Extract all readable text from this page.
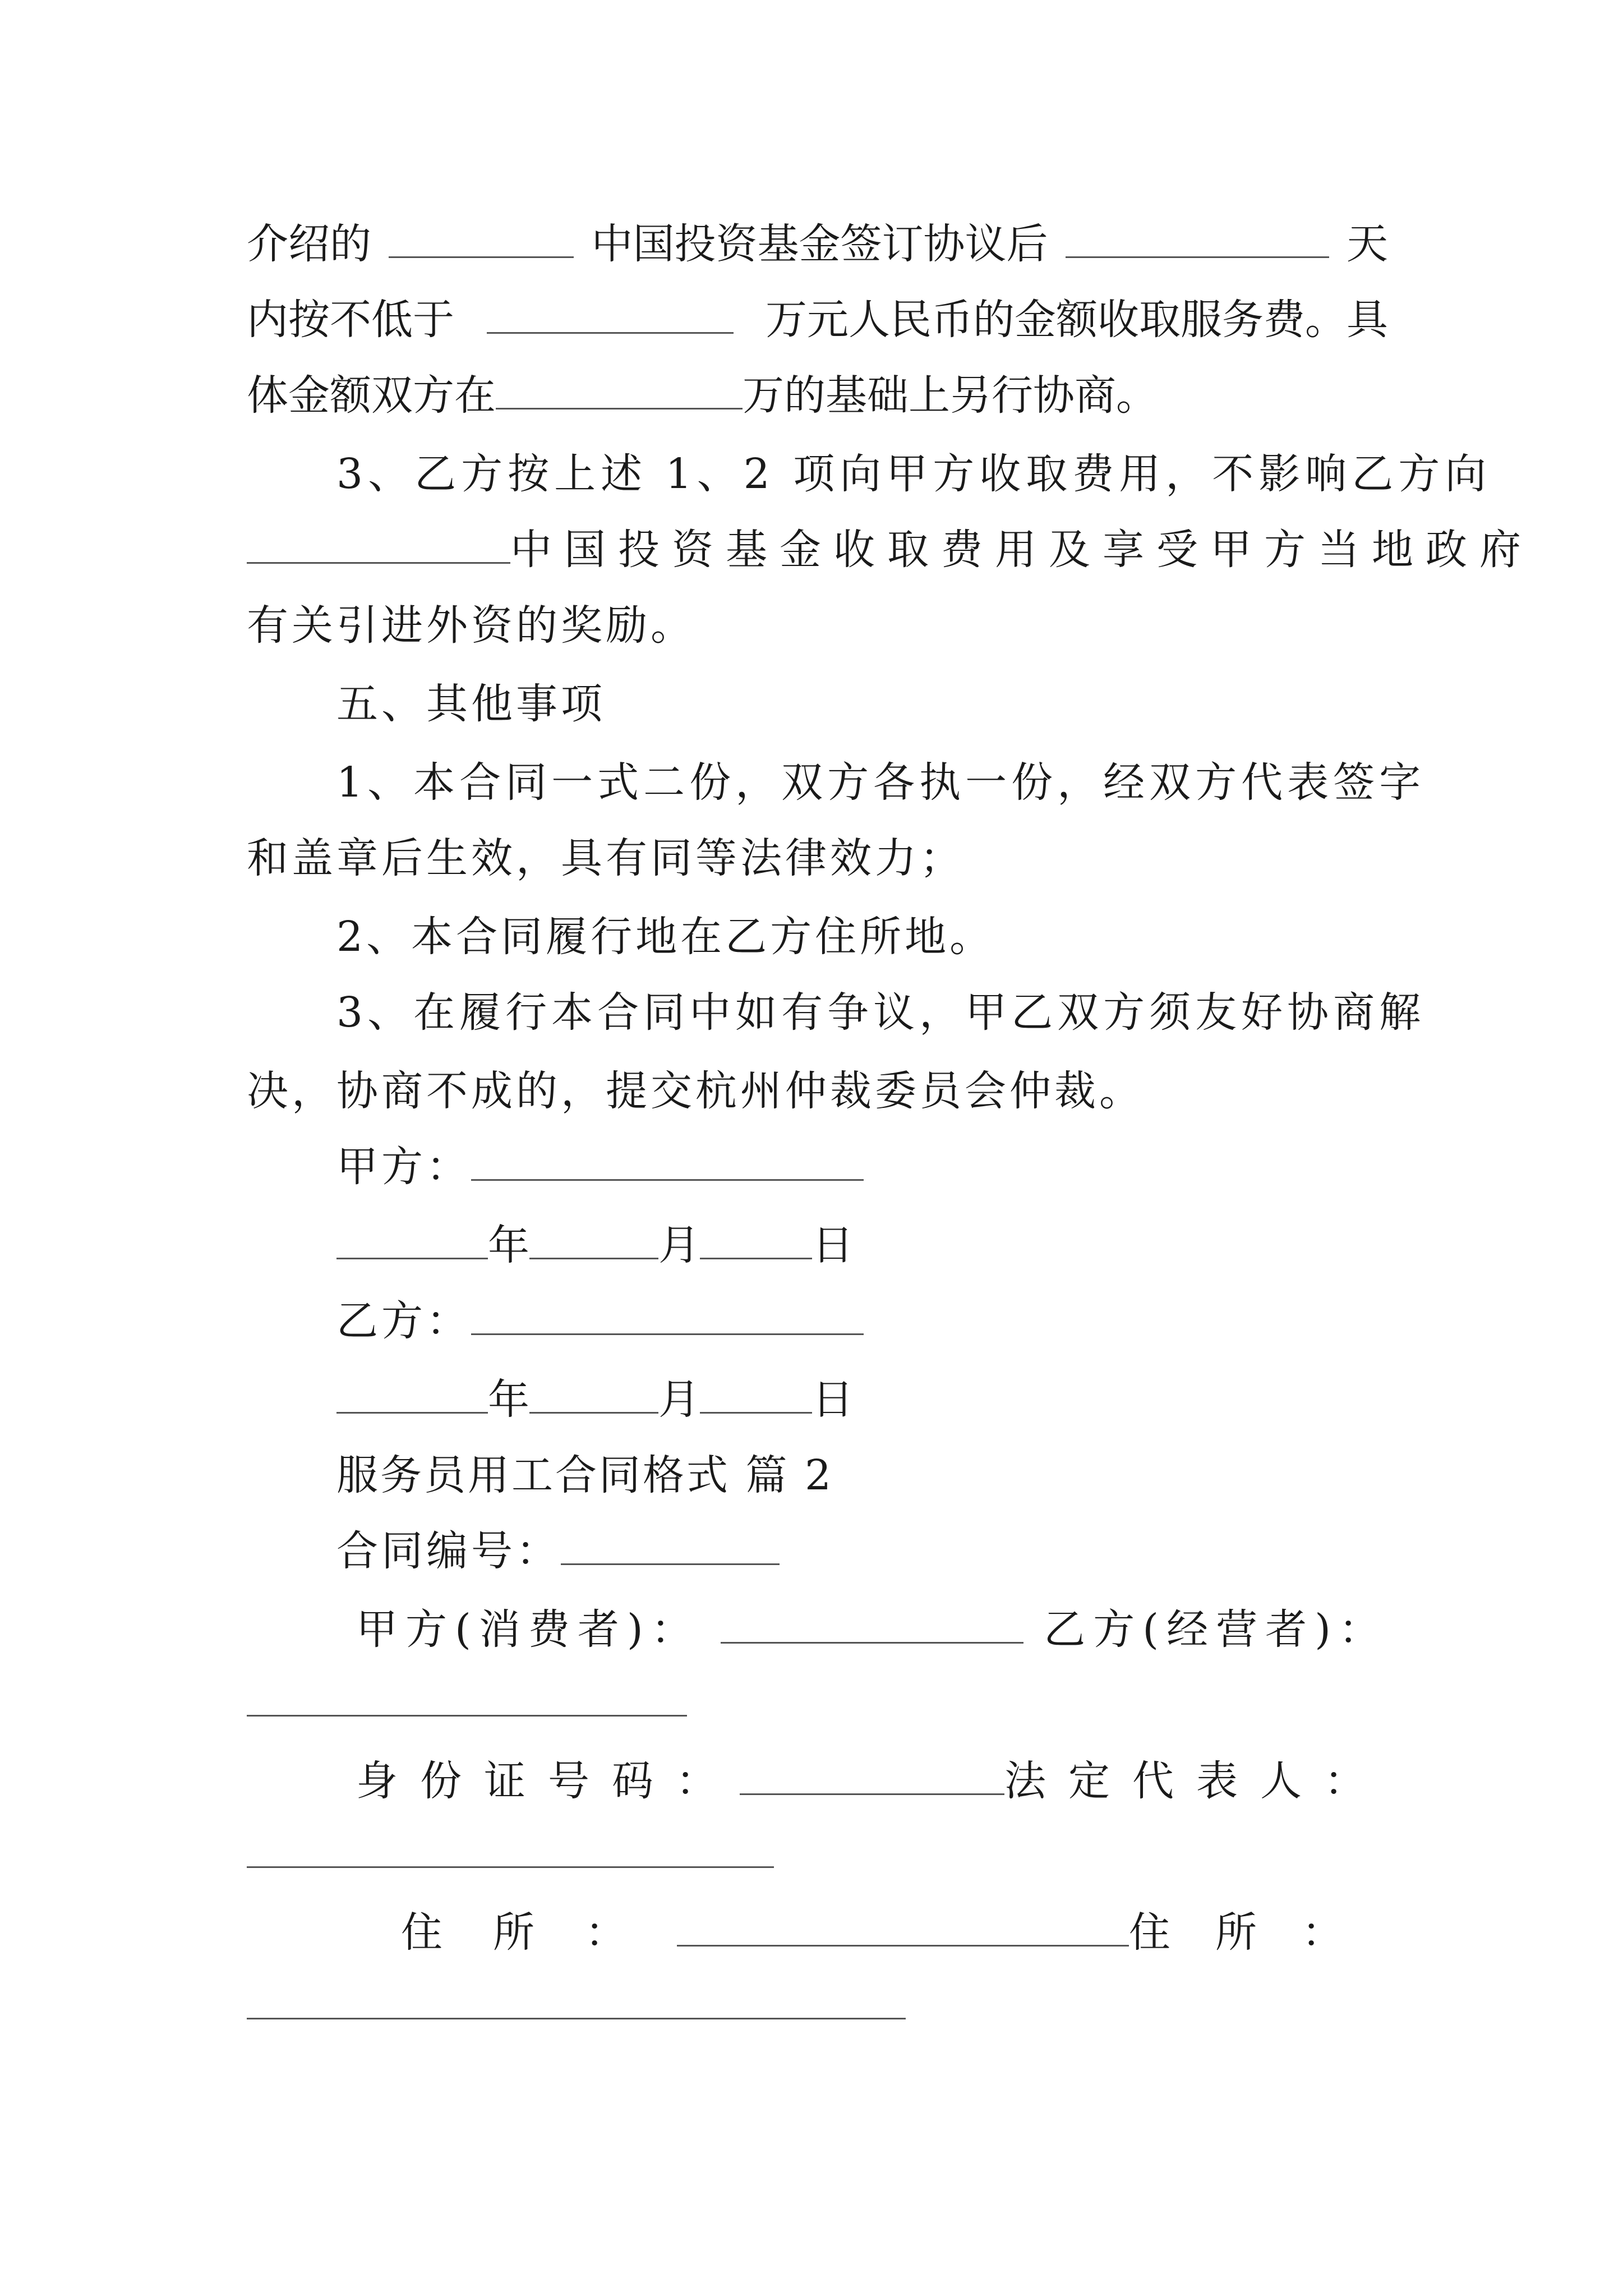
介绍的	中国投资基金签订协议后	天
内按不低于	万元人民币的金额收取服务费。具
体金额双方在	万的基础上另行协商。
3、乙方按上述 1、2 项向甲方收取费用，不影响乙方向
中国投资基金收取费用及享受甲方当地政府
有关引进外资的奖励。
五、其他事项
1、本合同一式二份，双方各执一份，经双方代表签字
和盖章后生效，具有同等法律效力；
2、本合同履行地在乙方住所地。
3、在履行本合同中如有争议，甲乙双方须友好协商解
决，协商不成的，提交杭州仲裁委员会仲裁。
甲方：
年	月	日
乙方：
年	月	日
服务员用工合同格式 篇 2
合同编号：
甲方(消费者)：	乙方(经营者)：
身份证号码：	法定代表人：
住所：	住所：
